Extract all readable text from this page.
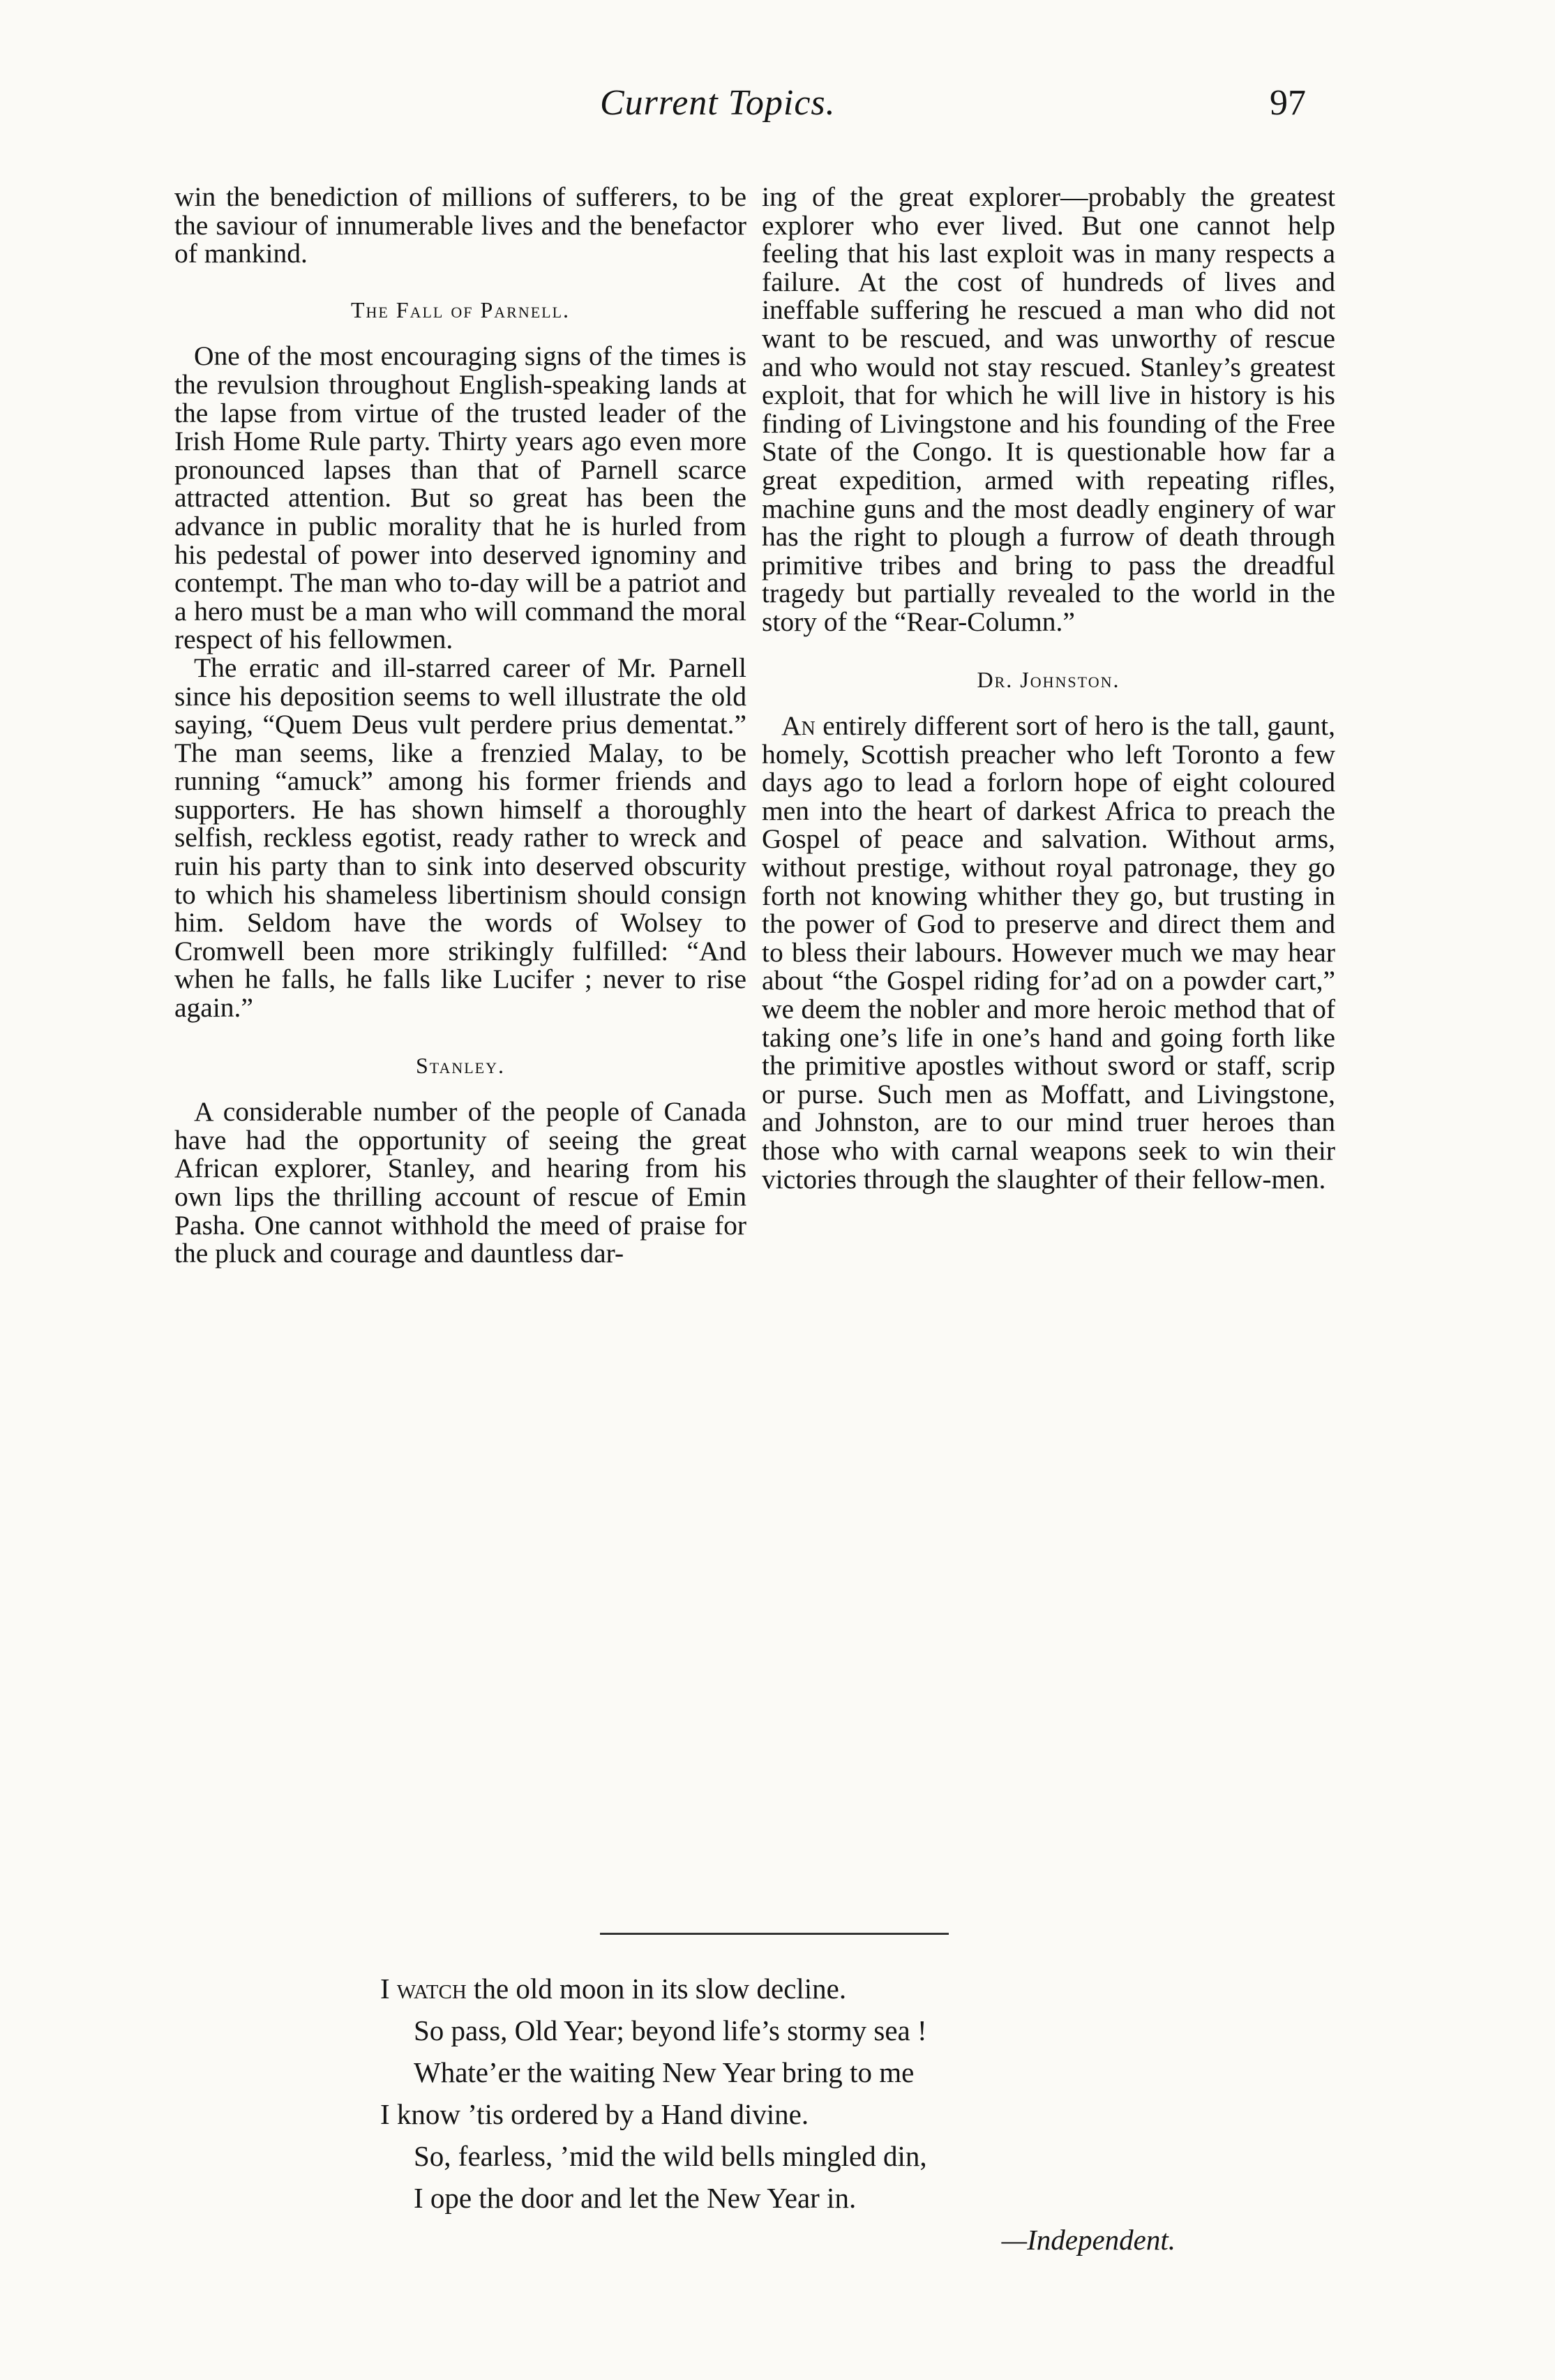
Current Topics.	97

win the benediction of millions of sufferers, to be the saviour of innumerable lives and the benefactor of mankind.

The Fall of Parnell.

One of the most encouraging signs of the times is the revulsion throughout English-speaking lands at the lapse from virtue of the trusted leader of the Irish Home Rule party. Thirty years ago even more pronounced lapses than that of Parnell scarce attracted attention. But so great has been the advance in public morality that he is hurled from his pedestal of power into deserved ignominy and contempt. The man who to-day will be a patriot and a hero must be a man who will command the moral respect of his fellowmen.

The erratic and ill-starred career of Mr. Parnell since his deposition seems to well illustrate the old saying, “Quem Deus vult perdere prius dementat.” The man seems, like a frenzied Malay, to be running “amuck” among his former friends and supporters. He has shown himself a thoroughly selfish, reckless egotist, ready rather to wreck and ruin his party than to sink into deserved obscurity to which his shameless libertinism should consign him. Seldom have the words of Wolsey to Cromwell been more strikingly fulfilled: “And when he falls, he falls like Lucifer ; never to rise again.”

Stanley.

A considerable number of the people of Canada have had the opportunity of seeing the great African explorer, Stanley, and hearing from his own lips the thrilling account of rescue of Emin Pasha. One cannot withhold the meed of praise for the pluck and courage and dauntless dar-

ing of the great explorer—probably the greatest explorer who ever lived. But one cannot help feeling that his last exploit was in many respects a failure. At the cost of hundreds of lives and ineffable suffering he rescued a man who did not want to be rescued, and was unworthy of rescue and who would not stay rescued. Stanley’s greatest exploit, that for which he will live in history is his finding of Livingstone and his founding of the Free State of the Congo. It is questionable how far a great expedition, armed with repeating rifles, machine guns and the most deadly enginery of war has the right to plough a furrow of death through primitive tribes and bring to pass the dreadful tragedy but partially revealed to the world in the story of the “Rear-Column.”

Dr. Johnston.

An entirely different sort of hero is the tall, gaunt, homely, Scottish preacher who left Toronto a few days ago to lead a forlorn hope of eight coloured men into the heart of darkest Africa to preach the Gospel of peace and salvation. Without arms, without prestige, without royal patronage, they go forth not knowing whither they go, but trusting in the power of God to preserve and direct them and to bless their labours. However much we may hear about “the Gospel riding for’ad on a powder cart,” we deem the nobler and more heroic method that of taking one’s life in one’s hand and going forth like the primitive apostles without sword or staff, scrip or purse. Such men as Moffatt, and Livingstone, and Johnston, are to our mind truer heroes than those who with carnal weapons seek to win their victories through the slaughter of their fellow-men.

I watch the old moon in its slow decline.
So pass, Old Year; beyond life’s stormy sea !
Whate’er the waiting New Year bring to me
I know ’tis ordered by a Hand divine.
So, fearless, ’mid the wild bells mingled din,
I ope the door and let the New Year in.
—Independent.
